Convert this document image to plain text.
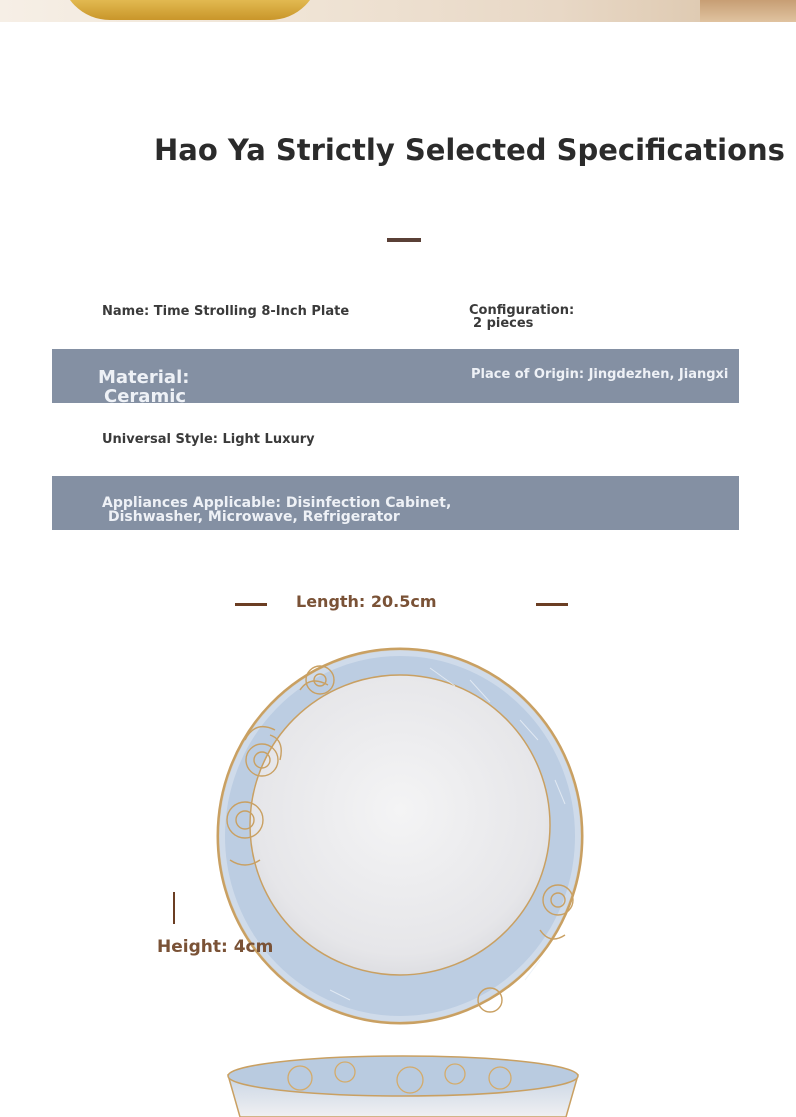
Hao Ya Strictly Selected Specifications
Name: Time Strolling 8-Inch Plate	Configuration:
2 pieces
Material:
Ceramic
Place of Origin: Jingdezhen, Jiangxi
Universal Style: Light Luxury
Appliances Applicable: Disinfection Cabinet,
Dishwasher, Microwave, Refrigerator
Length: 20.5cm
Height: 4cm
